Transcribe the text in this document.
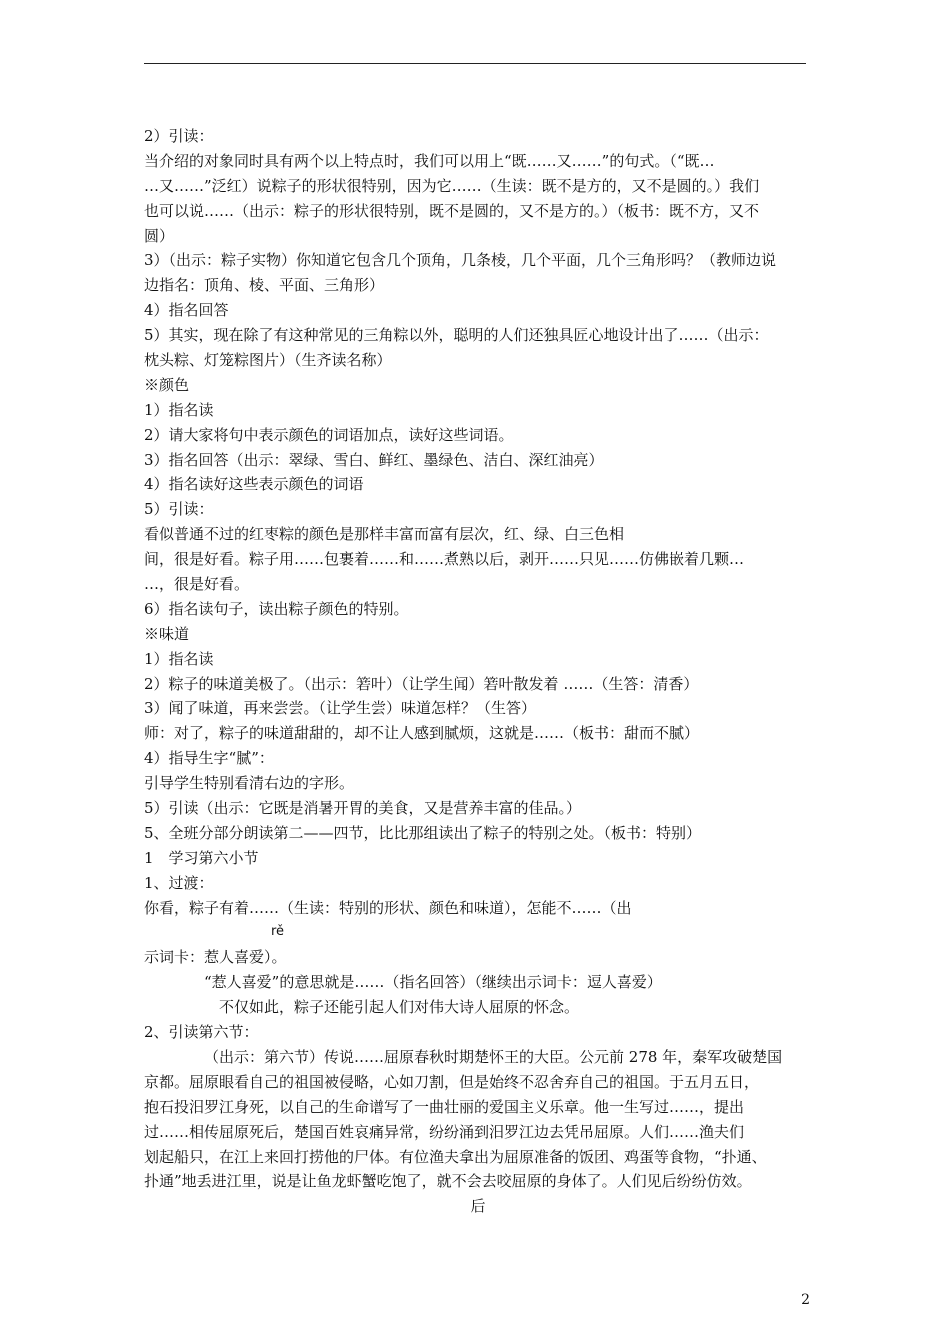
2）引读：
当介绍的对象同时具有两个以上特点时，我们可以用上“既……又……”的句式。（“既…
…又……”泛红）说粽子的形状很特别，因为它……（生读：既不是方的，又不是圆的。）我们
也可以说……（出示：粽子的形状很特别，既不是圆的，又不是方的。）（板书：既不方，又不
圆）
3）（出示：粽子实物）你知道它包含几个顶角，几条棱，几个平面，几个三角形吗？（教师边说
边指名：顶角、棱、平面、三角形）
4）指名回答
5）其实，现在除了有这种常见的三角粽以外，聪明的人们还独具匠心地设计出了……（出示：
枕头粽、灯笼粽图片）（生齐读名称）
※颜色
1）指名读
2）请大家将句中表示颜色的词语加点，读好这些词语。
3）指名回答（出示：翠绿、雪白、鲜红、墨绿色、洁白、深红油亮）
4）指名读好这些表示颜色的词语
5）引读：
看似普通不过的红枣粽的颜色是那样丰富而富有层次，红、绿、白三色相
间，很是好看。粽子用……包裹着……和……煮熟以后，剥开……只见……仿佛嵌着几颗…
…，很是好看。
6）指名读句子，读出粽子颜色的特别。
※味道
1）指名读
2）粽子的味道美极了。（出示：箬叶）（让学生闻）箬叶散发着 ……（生答：清香）
3）闻了味道，再来尝尝。（让学生尝）味道怎样？（生答）
师：对了，粽子的味道甜甜的，却不让人感到腻烦，这就是……（板书：甜而不腻）
4）指导生字“腻”：
引导学生特别看清右边的字形。
5）引读（出示：它既是消暑开胃的美食，又是营养丰富的佳品。）
5、全班分部分朗读第二——四节，比比那组读出了粽子的特别之处。（板书：特别）
1　学习第六小节
1、过渡：
你看，粽子有着……（生读：特别的形状、颜色和味道），怎能不……（出
rě
示词卡：惹人喜爱）。
“惹人喜爱”的意思就是……（指名回答）（继续出示词卡：逗人喜爱）
不仅如此，粽子还能引起人们对伟大诗人屈原的怀念。
2、引读第六节：
（出示：第六节）传说……屈原春秋时期楚怀王的大臣。公元前 278 年，秦军攻破楚国
京都。屈原眼看自己的祖国被侵略，心如刀割，但是始终不忍舍弃自己的祖国。于五月五日，
抱石投汨罗江身死，以自己的生命谱写了一曲壮丽的爱国主义乐章。他一生写过……，提出
过……相传屈原死后，楚国百姓哀痛异常，纷纷涌到汨罗江边去凭吊屈原。人们……渔夫们
划起船只，在江上来回打捞他的尸体。有位渔夫拿出为屈原准备的饭团、鸡蛋等食物，“扑通、
扑通”地丢进江里，说是让鱼龙虾蟹吃饱了，就不会去咬屈原的身体了。人们见后纷纷仿效。
后
2
